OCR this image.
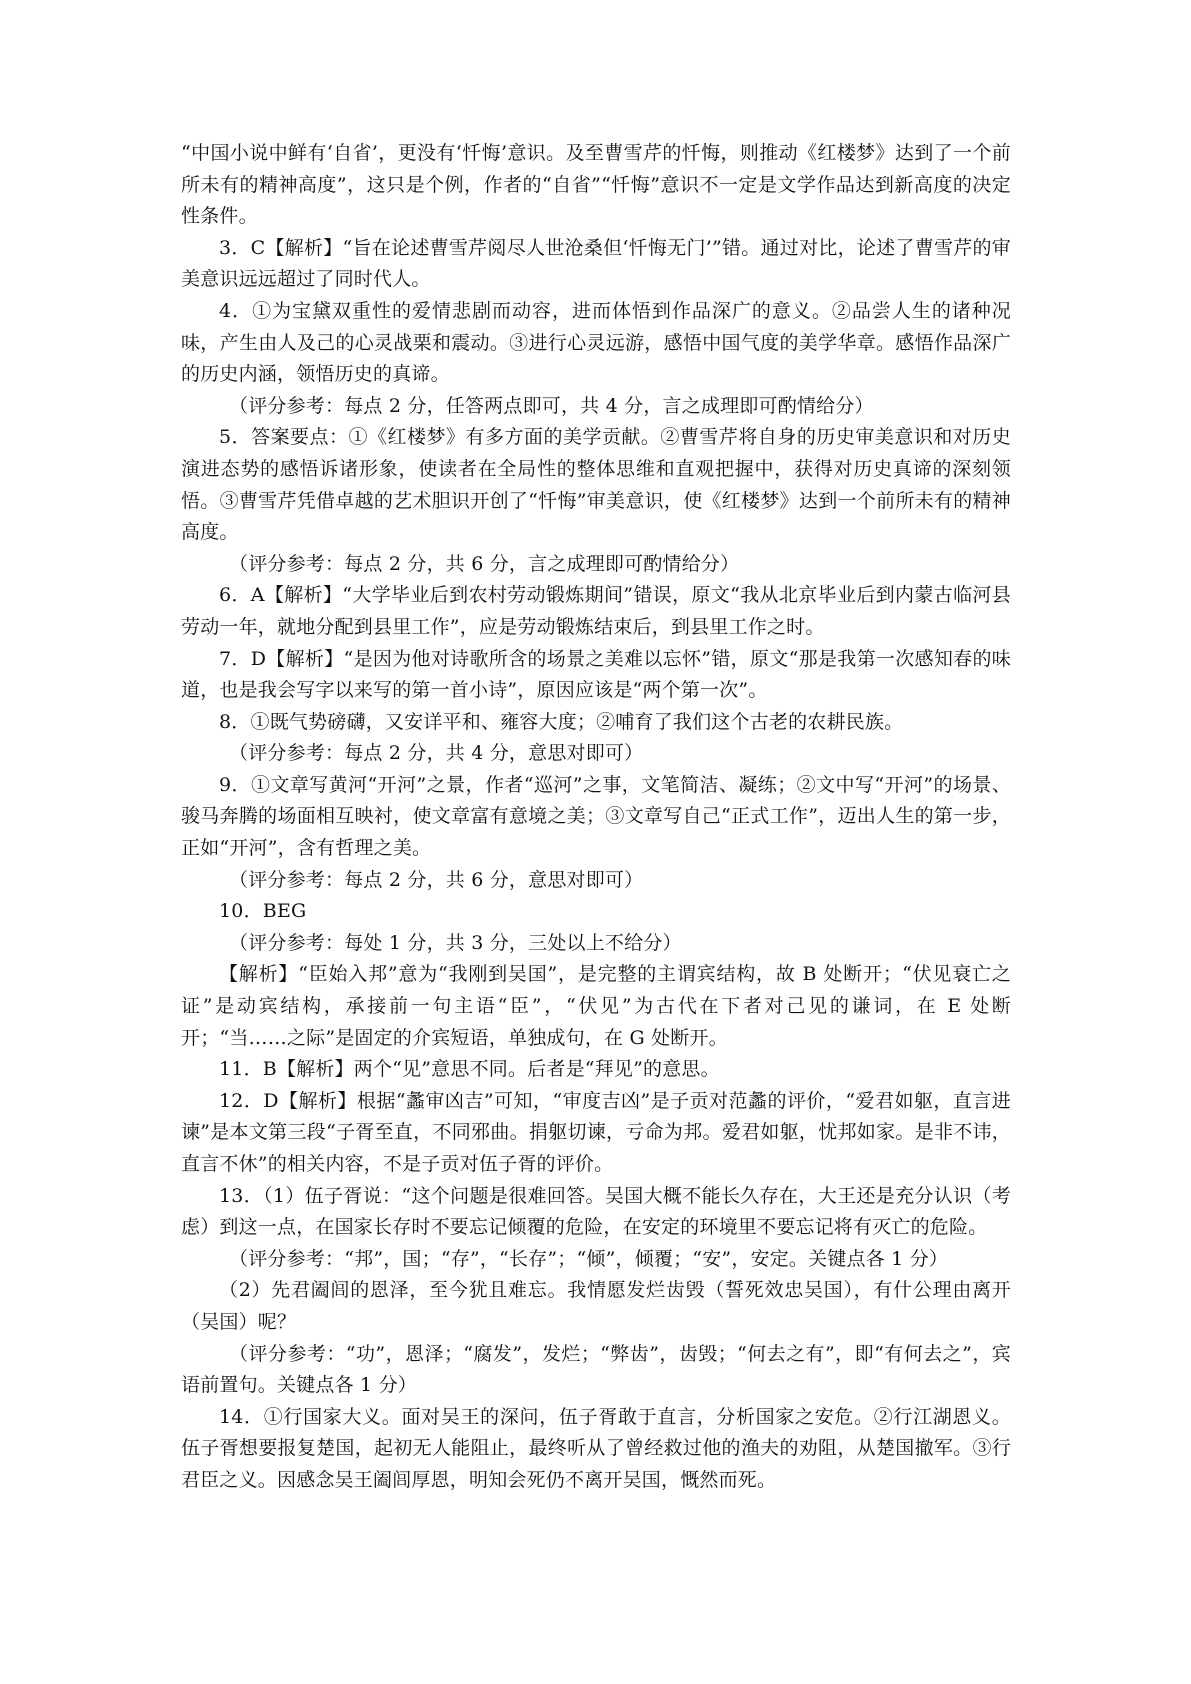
“中国小说中鲜有‘自省’，更没有‘忏悔’意识。及至曹雪芹的忏悔，则推动《红楼梦》达到了一个前所未有的精神高度”，这只是个例，作者的“自省”“忏悔”意识不一定是文学作品达到新高度的决定性条件。

3．C【解析】“旨在论述曹雪芹阅尽人世沧桑但‘忏悔无门’”错。通过对比，论述了曹雪芹的审美意识远远超过了同时代人。

4．①为宝黛双重性的爱情悲剧而动容，进而体悟到作品深广的意义。②品尝人生的诸种况味，产生由人及己的心灵战栗和震动。③进行心灵远游，感悟中国气度的美学华章。感悟作品深广的历史内涵，领悟历史的真谛。

（评分参考：每点 2 分，任答两点即可，共 4 分，言之成理即可酌情给分）

5．答案要点：①《红楼梦》有多方面的美学贡献。②曹雪芹将自身的历史审美意识和对历史演进态势的感悟诉诸形象，使读者在全局性的整体思维和直观把握中，获得对历史真谛的深刻领悟。③曹雪芹凭借卓越的艺术胆识开创了“忏悔”审美意识，使《红楼梦》达到一个前所未有的精神高度。

（评分参考：每点 2 分，共 6 分，言之成理即可酌情给分）

6．A【解析】“大学毕业后到农村劳动锻炼期间”错误，原文“我从北京毕业后到内蒙古临河县劳动一年，就地分配到县里工作”，应是劳动锻炼结束后，到县里工作之时。

7．D【解析】“是因为他对诗歌所含的场景之美难以忘怀”错，原文“那是我第一次感知春的味道，也是我会写字以来写的第一首小诗”，原因应该是“两个第一次”。

8．①既气势磅礴，又安详平和、雍容大度；②哺育了我们这个古老的农耕民族。

（评分参考：每点 2 分，共 4 分，意思对即可）

9．①文章写黄河“开河”之景，作者“巡河”之事，文笔简洁、凝练；②文中写“开河”的场景、骏马奔腾的场面相互映衬，使文章富有意境之美；③文章写自己“正式工作”，迈出人生的第一步，正如“开河”，含有哲理之美。

（评分参考：每点 2 分，共 6 分，意思对即可）

10．BEG

（评分参考：每处 1 分，共 3 分，三处以上不给分）

【解析】“臣始入邦”意为“我刚到吴国”，是完整的主谓宾结构，故 B 处断开；“伏见衰亡之证”是动宾结构，承接前一句主语“臣”，“伏见”为古代在下者对己见的谦词，在 E 处断开；“当……之际”是固定的介宾短语，单独成句，在 G 处断开。

11．B【解析】两个“见”意思不同。后者是“拜见”的意思。

12．D【解析】根据“蠡审凶吉”可知，“审度吉凶”是子贡对范蠡的评价，“爱君如躯，直言进谏”是本文第三段“子胥至直，不同邪曲。捐躯切谏，亏命为邦。爱君如躯，忧邦如家。是非不讳，直言不休”的相关内容，不是子贡对伍子胥的评价。

13．（1）伍子胥说：“这个问题是很难回答。吴国大概不能长久存在，大王还是充分认识（考虑）到这一点，在国家长存时不要忘记倾覆的危险，在安定的环境里不要忘记将有灭亡的危险。

（评分参考：“邦”，国；“存”，“长存”；“倾”，倾覆；“安”，安定。关键点各 1 分）

（2）先君阖闾的恩泽，至今犹且难忘。我情愿发烂齿毁（誓死效忠吴国），有什公理由离开（吴国）呢？

（评分参考：“功”，恩泽；“腐发”，发烂；“弊齿”，齿毁；“何去之有”，即“有何去之”，宾语前置句。关键点各 1 分）

14．①行国家大义。面对吴王的深问，伍子胥敢于直言，分析国家之安危。②行江湖恩义。伍子胥想要报复楚国，起初无人能阻止，最终听从了曾经救过他的渔夫的劝阻，从楚国撤军。③行君臣之义。因感念吴王阖闾厚恩，明知会死仍不离开吴国，慨然而死。
